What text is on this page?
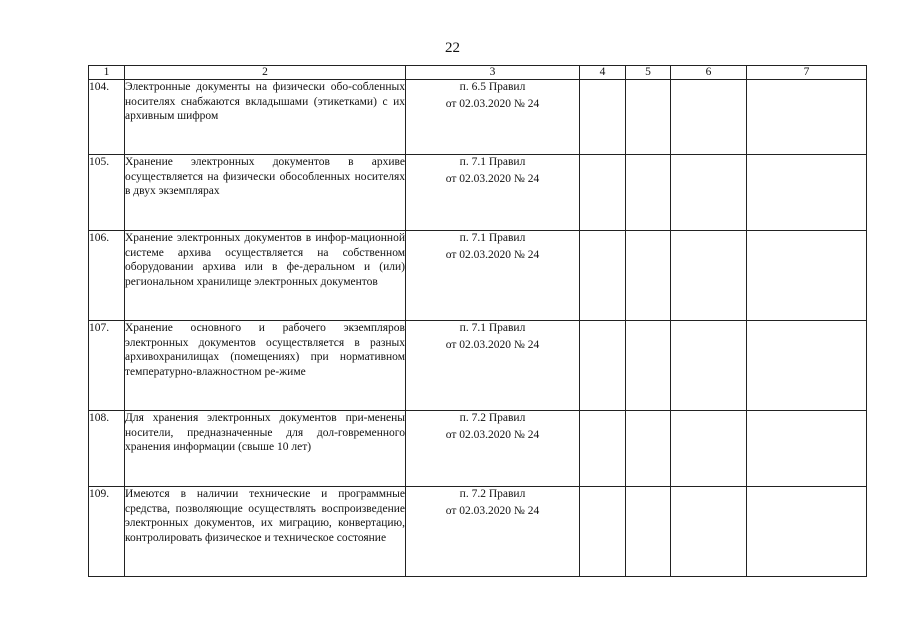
22
1	2	3	4	5	6	7
104.	Электронные документы на физически обо-собленных носителях снабжаются вкладышами (этикетками) с их архивным шифром	п. 6.5 Правил
от 02.03.2020 № 24				

105.	Хранение электронных документов в архиве осуществляется на физически обособленных носителях в двух экземплярах	п. 7.1 Правил
от 02.03.2020 № 24				

106.	Хранение электронных документов в инфор-мационной системе архива осуществляется на собственном оборудовании архива или в фе-деральном и (или) региональном хранилище электронных документов	п. 7.1 Правил
от 02.03.2020 № 24				

107.	Хранение основного и рабочего экземпляров электронных документов осуществляется в разных архивохранилищах (помещениях) при нормативном температурно-влажностном ре-жиме	п. 7.1 Правил
от 02.03.2020 № 24				

108.	Для хранения электронных документов при-менены носители, предназначенные для дол-говременного хранения информации (свыше 10 лет)	п. 7.2 Правил
от 02.03.2020 № 24				

109.	Имеются в наличии технические и программные средства, позволяющие осуществлять воспроизведение электронных документов, их миграцию, конвертацию, контролировать физическое и техническое состояние	п. 7.2 Правил
от 02.03.2020 № 24				
